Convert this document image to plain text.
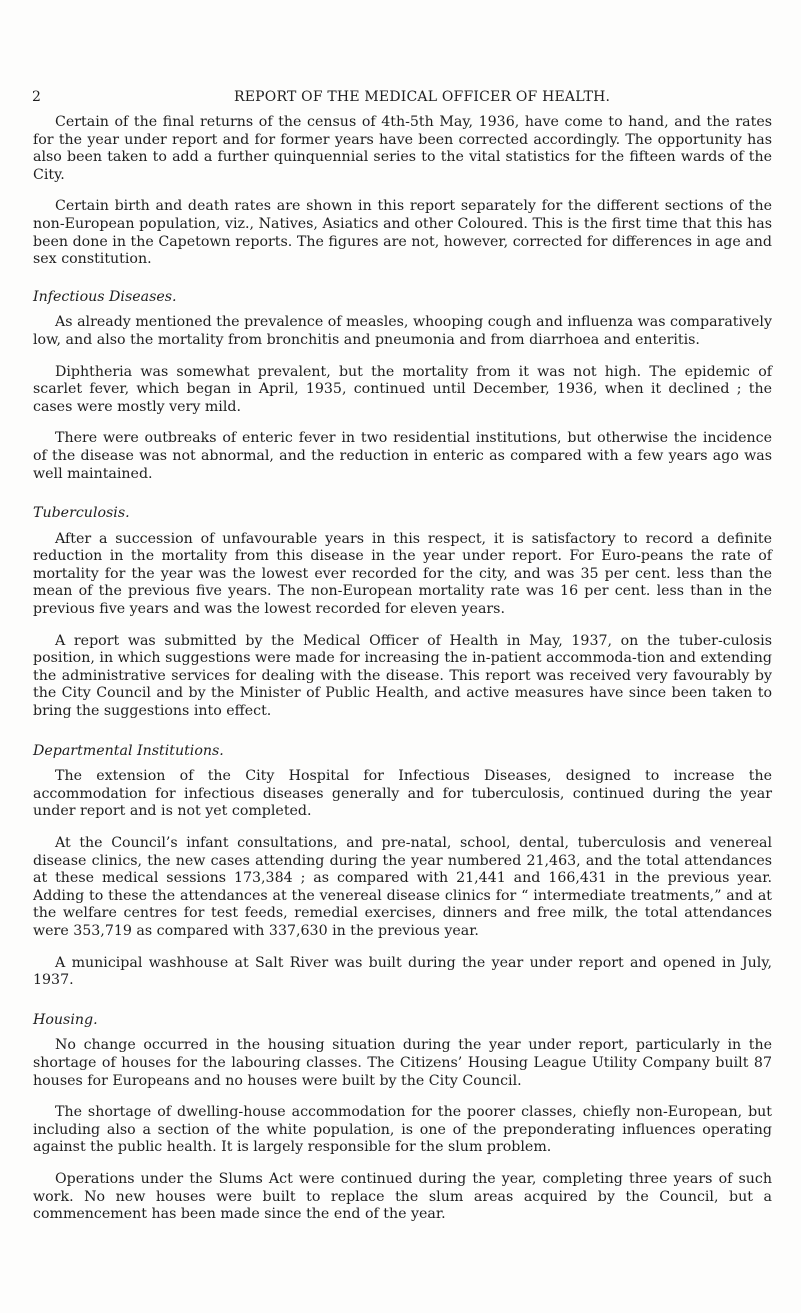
2	REPORT OF THE MEDICAL OFFICER OF HEALTH.

Certain of the final returns of the census of 4th-5th May, 1936, have come to hand, and the rates for the year under report and for former years have been corrected accordingly. The opportunity has also been taken to add a further quinquennial series to the vital statistics for the fifteen wards of the City.

Certain birth and death rates are shown in this report separately for the different sections of the non-European population, viz., Natives, Asiatics and other Coloured. This is the first time that this has been done in the Capetown reports. The figures are not, however, corrected for differences in age and sex constitution.

Infectious Diseases.

As already mentioned the prevalence of measles, whooping cough and influenza was comparatively low, and also the mortality from bronchitis and pneumonia and from diarrhoea and enteritis.

Diphtheria was somewhat prevalent, but the mortality from it was not high. The epidemic of scarlet fever, which began in April, 1935, continued until December, 1936, when it declined ; the cases were mostly very mild.

There were outbreaks of enteric fever in two residential institutions, but otherwise the incidence of the disease was not abnormal, and the reduction in enteric as compared with a few years ago was well maintained.

Tuberculosis.

After a succession of unfavourable years in this respect, it is satisfactory to record a definite reduction in the mortality from this disease in the year under report. For Euro-peans the rate of mortality for the year was the lowest ever recorded for the city, and was 35 per cent. less than the mean of the previous five years. The non-European mortality rate was 16 per cent. less than in the previous five years and was the lowest recorded for eleven years.

A report was submitted by the Medical Officer of Health in May, 1937, on the tuber-culosis position, in which suggestions were made for increasing the in-patient accommoda-tion and extending the administrative services for dealing with the disease. This report was received very favourably by the City Council and by the Minister of Public Health, and active measures have since been taken to bring the suggestions into effect.

Departmental Institutions.

The extension of the City Hospital for Infectious Diseases, designed to increase the accommodation for infectious diseases generally and for tuberculosis, continued during the year under report and is not yet completed.

At the Council’s infant consultations, and pre-natal, school, dental, tuberculosis and venereal disease clinics, the new cases attending during the year numbered 21,463, and the total attendances at these medical sessions 173,384 ; as compared with 21,441 and 166,431 in the previous year. Adding to these the attendances at the venereal disease clinics for “ intermediate treatments,” and at the welfare centres for test feeds, remedial exercises, dinners and free milk, the total attendances were 353,719 as compared with 337,630 in the previous year.

A municipal washhouse at Salt River was built during the year under report and opened in July, 1937.

Housing.

No change occurred in the housing situation during the year under report, particularly in the shortage of houses for the labouring classes. The Citizens’ Housing League Utility Company built 87 houses for Europeans and no houses were built by the City Council.

The shortage of dwelling-house accommodation for the poorer classes, chiefly non-European, but including also a section of the white population, is one of the preponderating influences operating against the public health. It is largely responsible for the slum problem.

Operations under the Slums Act were continued during the year, completing three years of such work. No new houses were built to replace the slum areas acquired by the Council, but a commencement has been made since the end of the year.
